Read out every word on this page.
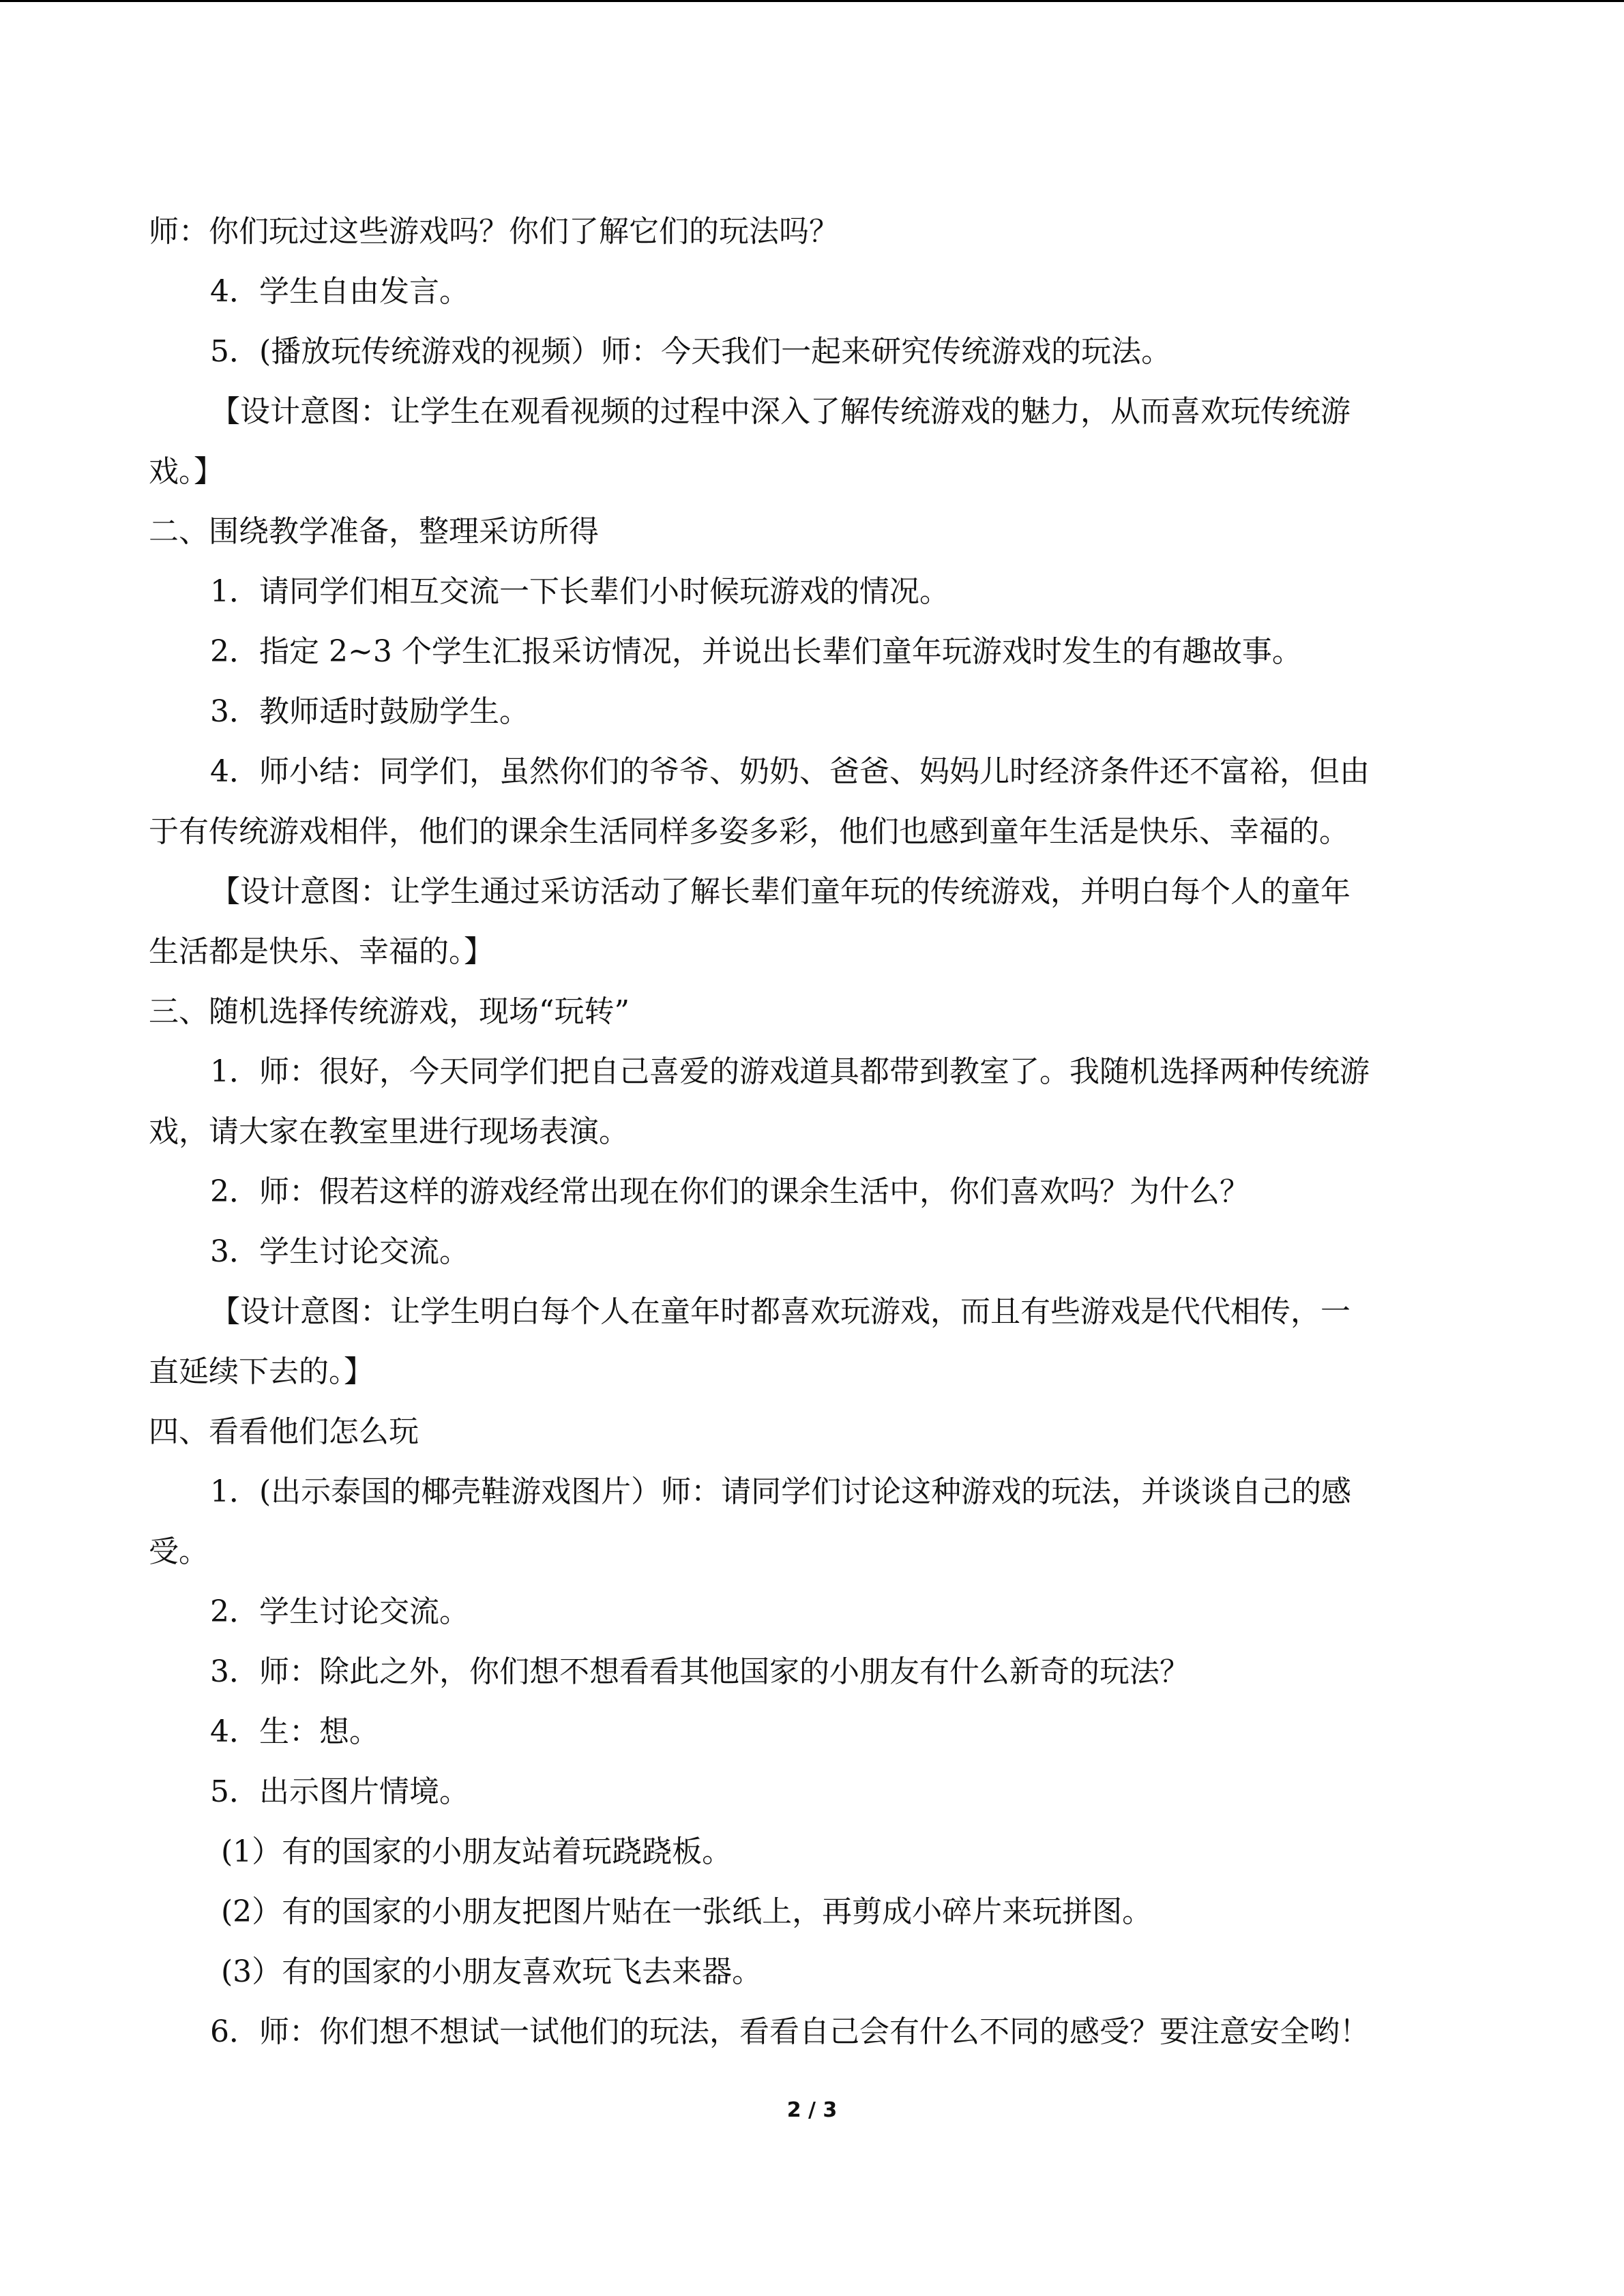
师：你们玩过这些游戏吗？你们了解它们的玩法吗？
4．学生自由发言。
5．(播放玩传统游戏的视频）师：今天我们一起来研究传统游戏的玩法。
【设计意图：让学生在观看视频的过程中深入了解传统游戏的魅力，从而喜欢玩传统游
戏。】
二、围绕教学准备，整理采访所得
1．请同学们相互交流一下长辈们小时候玩游戏的情况。
2．指定 2~3 个学生汇报采访情况，并说出长辈们童年玩游戏时发生的有趣故事。
3．教师适时鼓励学生。
4．师小结：同学们，虽然你们的爷爷、奶奶、爸爸、妈妈儿时经济条件还不富裕，但由
于有传统游戏相伴，他们的课余生活同样多姿多彩，他们也感到童年生活是快乐、幸福的。
【设计意图：让学生通过采访活动了解长辈们童年玩的传统游戏，并明白每个人的童年
生活都是快乐、幸福的。】
三、随机选择传统游戏，现场“玩转”
1．师：很好，今天同学们把自己喜爱的游戏道具都带到教室了。我随机选择两种传统游
戏，请大家在教室里进行现场表演。
2．师：假若这样的游戏经常出现在你们的课余生活中，你们喜欢吗？为什么？
3．学生讨论交流。
【设计意图：让学生明白每个人在童年时都喜欢玩游戏，而且有些游戏是代代相传，一
直延续下去的。】
四、看看他们怎么玩
1．(出示泰国的椰壳鞋游戏图片）师：请同学们讨论这种游戏的玩法，并谈谈自己的感
受。
2．学生讨论交流。
3．师：除此之外，你们想不想看看其他国家的小朋友有什么新奇的玩法？
4．生：想。
5．出示图片情境。
(1）有的国家的小朋友站着玩跷跷板。
(2）有的国家的小朋友把图片贴在一张纸上，再剪成小碎片来玩拼图。
(3）有的国家的小朋友喜欢玩飞去来器。
6．师：你们想不想试一试他们的玩法，看看自己会有什么不同的感受？要注意安全哟！
2 / 3
